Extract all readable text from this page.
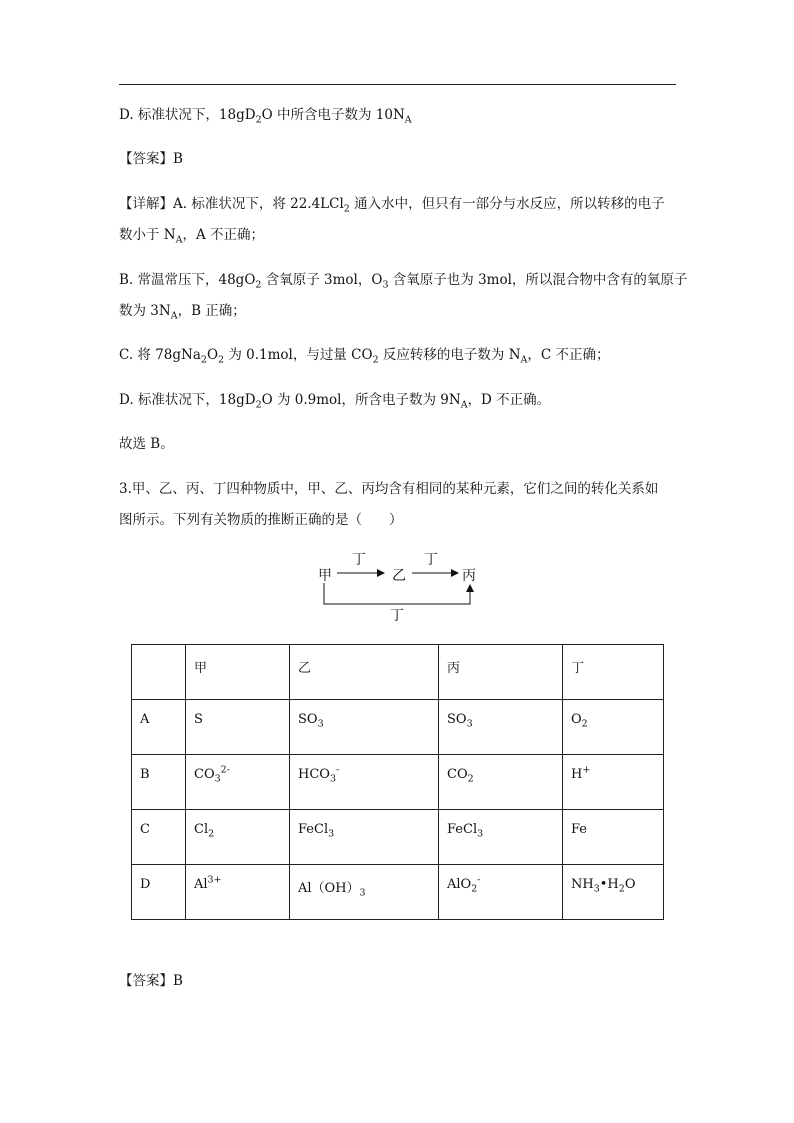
D. 标准状况下，$18gD_2O$ 中所含电子数为 $10N_A$
【答案】B
【详解】A. 标准状况下，将 22.4LCl$_2$ 通入水中，但只有一部分与水反应，所以转移的电子
数小于 $N_A$，A 不正确；
B. 常温常压下，$48gO_2$ 含氧原子 3mol，$O_3$ 含氧原子也为 3mol，所以混合物中含有的氧原子
数为 $3N_A$，B 正确；
C. 将 $78gNa_2O_2$ 为 0.1mol，与过量 $CO_2$ 反应转移的电子数为 $N_A$，C 不正确；
D. 标准状况下，$18gD_2O$ 为 0.9mol，所含电子数为 $9N_A$，D 不正确。
故选 B。
3.甲、乙、丙、丁四种物质中，甲、乙、丙均含有相同的某种元素，它们之间的转化关系如
图所示。下列有关物质的推断正确的是（　　）
甲	乙	丙
丁	丁
丁
	甲	乙	丙	丁
A	S	$SO_3$	$SO_3$	$O_2$
B	$CO_3^{2-}$	$HCO_3^-$	$CO_2$	H+
C	$Cl_2$	FeCl$_3$	FeCl$_3$	Fe
D	$Al^{3+}$	$Al(OH)_3$	AlO$_2$-	$NH_3•H_2O$
【答案】B
